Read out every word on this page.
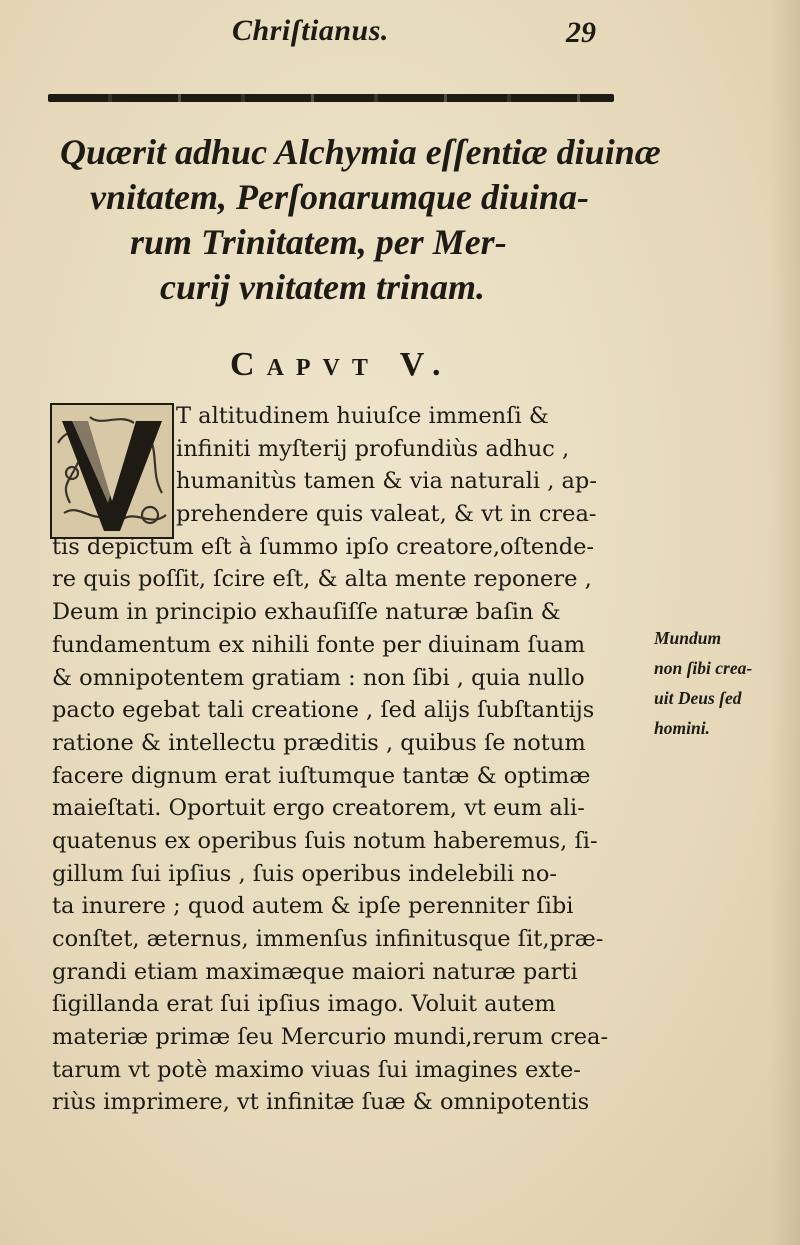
Chriſtianus.	29
Quærit adhuc Alchymia eſſentiæ diuinæ
vnitatem, Perſonarumque diuina-
rum Trinitatem, per Mer-
curij vnitatem trinam.
CAPVT V.
T altitudinem huiuſce immenſi &
infiniti myſterij profundiùs adhuc ,
humanitùs tamen & via naturali , ap-
prehendere quis valeat, & vt in crea-
tis depictum eſt à ſummo ipſo creatore,oſtende-
re quis poſſit, ſcire eſt, & alta mente reponere ,
Deum in principio exhauſiſſe naturæ baſin &
fundamentum ex nihili fonte per diuinam ſuam
& omnipotentem gratiam : non ſibi , quia nullo
pacto egebat tali creatione , ſed alijs ſubſtantijs
ratione & intellectu præditis , quibus ſe notum
facere dignum erat iuſtumque tantæ & optimæ
maieſtati. Oportuit ergo creatorem, vt eum ali-
quatenus ex operibus ſuis notum haberemus, ſi-
gillum ſui ipſius , ſuis operibus indelebili no-
ta inurere ; quod autem & ipſe perenniter ſibi
conſtet, æternus, immenſus infinitusque ſit,præ-
grandi etiam maximæque maiori naturæ parti
ſigillanda erat ſui ipſius imago. Voluit autem
materiæ primæ ſeu Mercurio mundi,rerum crea-
tarum vt potè maximo viuas ſui imagines exte-
riùs imprimere, vt infinitæ ſuæ & omnipotentis
Mundum
non ſibi crea-
uit Deus ſed
homini.
